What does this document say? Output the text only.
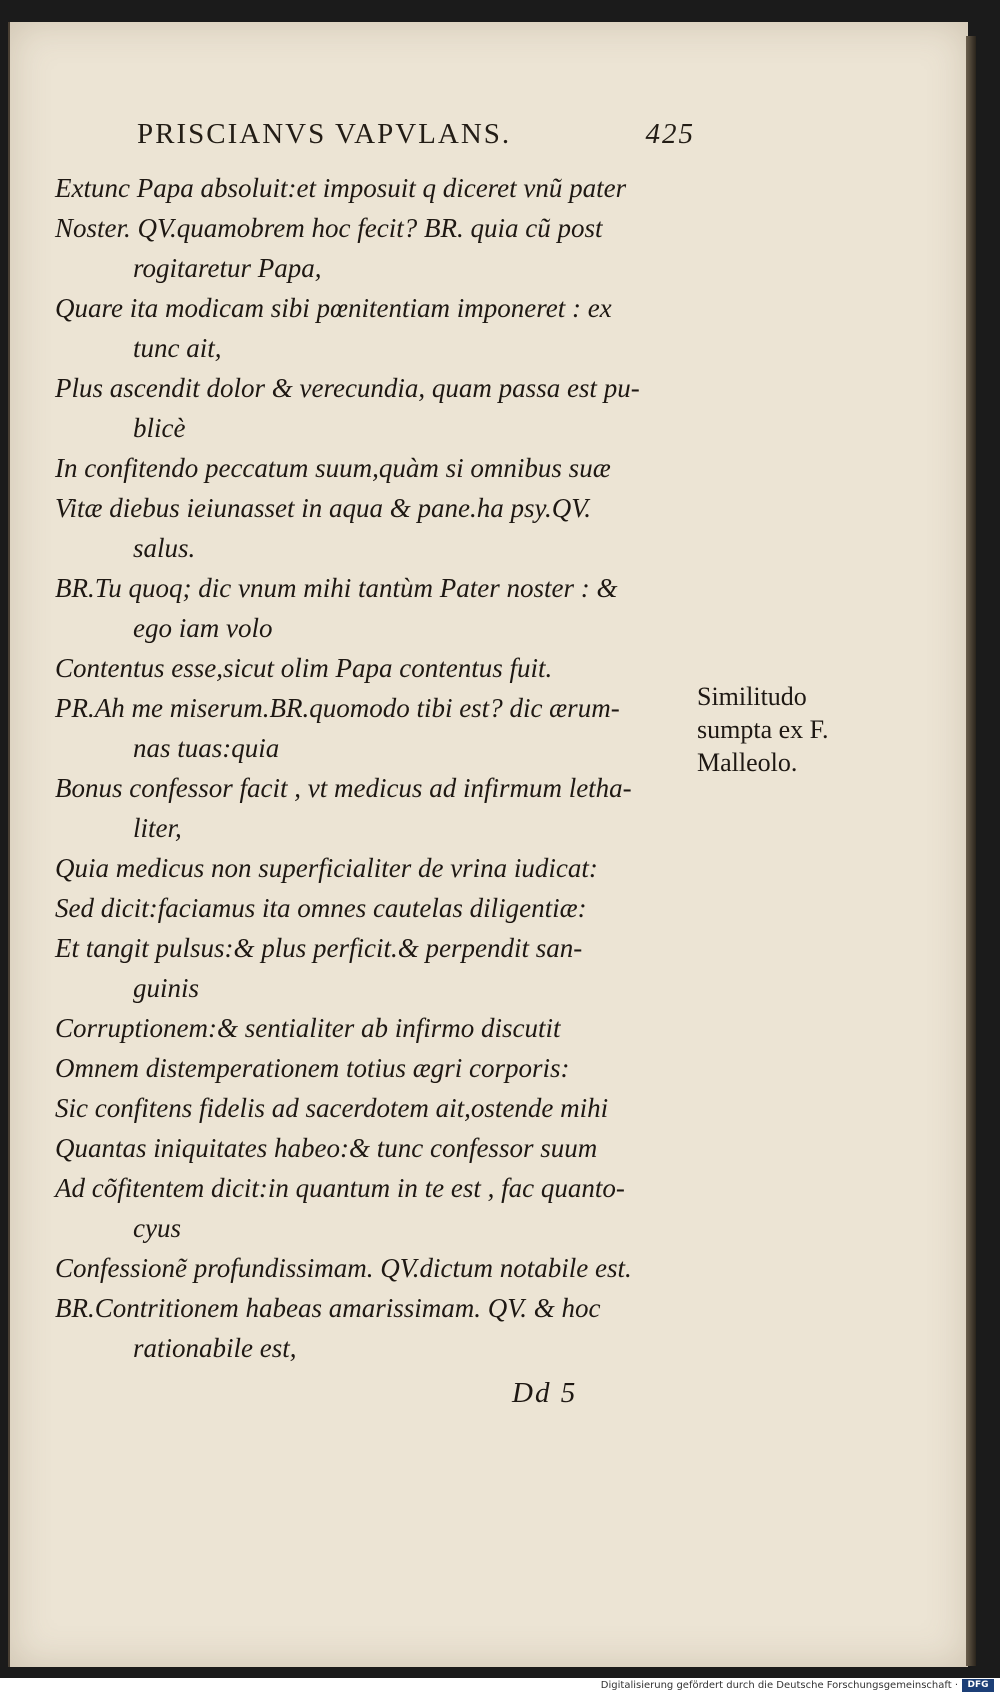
PRISCIANVS VAPVLANS.	425
Extunc Papa absoluit:et imposuit q diceret vnũ pater
Noster. QV.quamobrem hoc fecit? BR. quia cũ post
rogitaretur Papa,
Quare ita modicam sibi pœnitentiam imponeret : ex
tunc ait,
Plus ascendit dolor & verecundia, quam passa est pu-
blicè
In confitendo peccatum suum,quàm si omnibus suæ
Vitæ diebus ieiunasset in aqua & pane.ha psy.QV.
salus.
BR.Tu quoq; dic vnum mihi tantùm Pater noster : &
ego iam volo
Contentus esse,sicut olim Papa contentus fuit.
PR.Ah me miserum.BR.quomodo tibi est? dic ærum-
nas tuas:quia
Bonus confessor facit , vt medicus ad infirmum letha-
liter,
Quia medicus non superficialiter de vrina iudicat:
Sed dicit:faciamus ita omnes cautelas diligentiæ:
Et tangit pulsus:& plus perficit.& perpendit san-
guinis
Corruptionem:& sentialiter ab infirmo discutit
Omnem distemperationem totius ægri corporis:
Sic confitens fidelis ad sacerdotem ait,ostende mihi
Quantas iniquitates habeo:& tunc confessor suum
Ad cõfitentem dicit:in quantum in te est , fac quanto-
cyus
Confessionẽ profundissimam. QV.dictum notabile est.
BR.Contritionem habeas amarissimam. QV. & hoc
rationabile est,
Similitudo
sumpta ex F.
Malleolo.
Dd 5
Digitalisierung gefördert durch die Deutsche Forschungsgemeinschaft ·	DFG
